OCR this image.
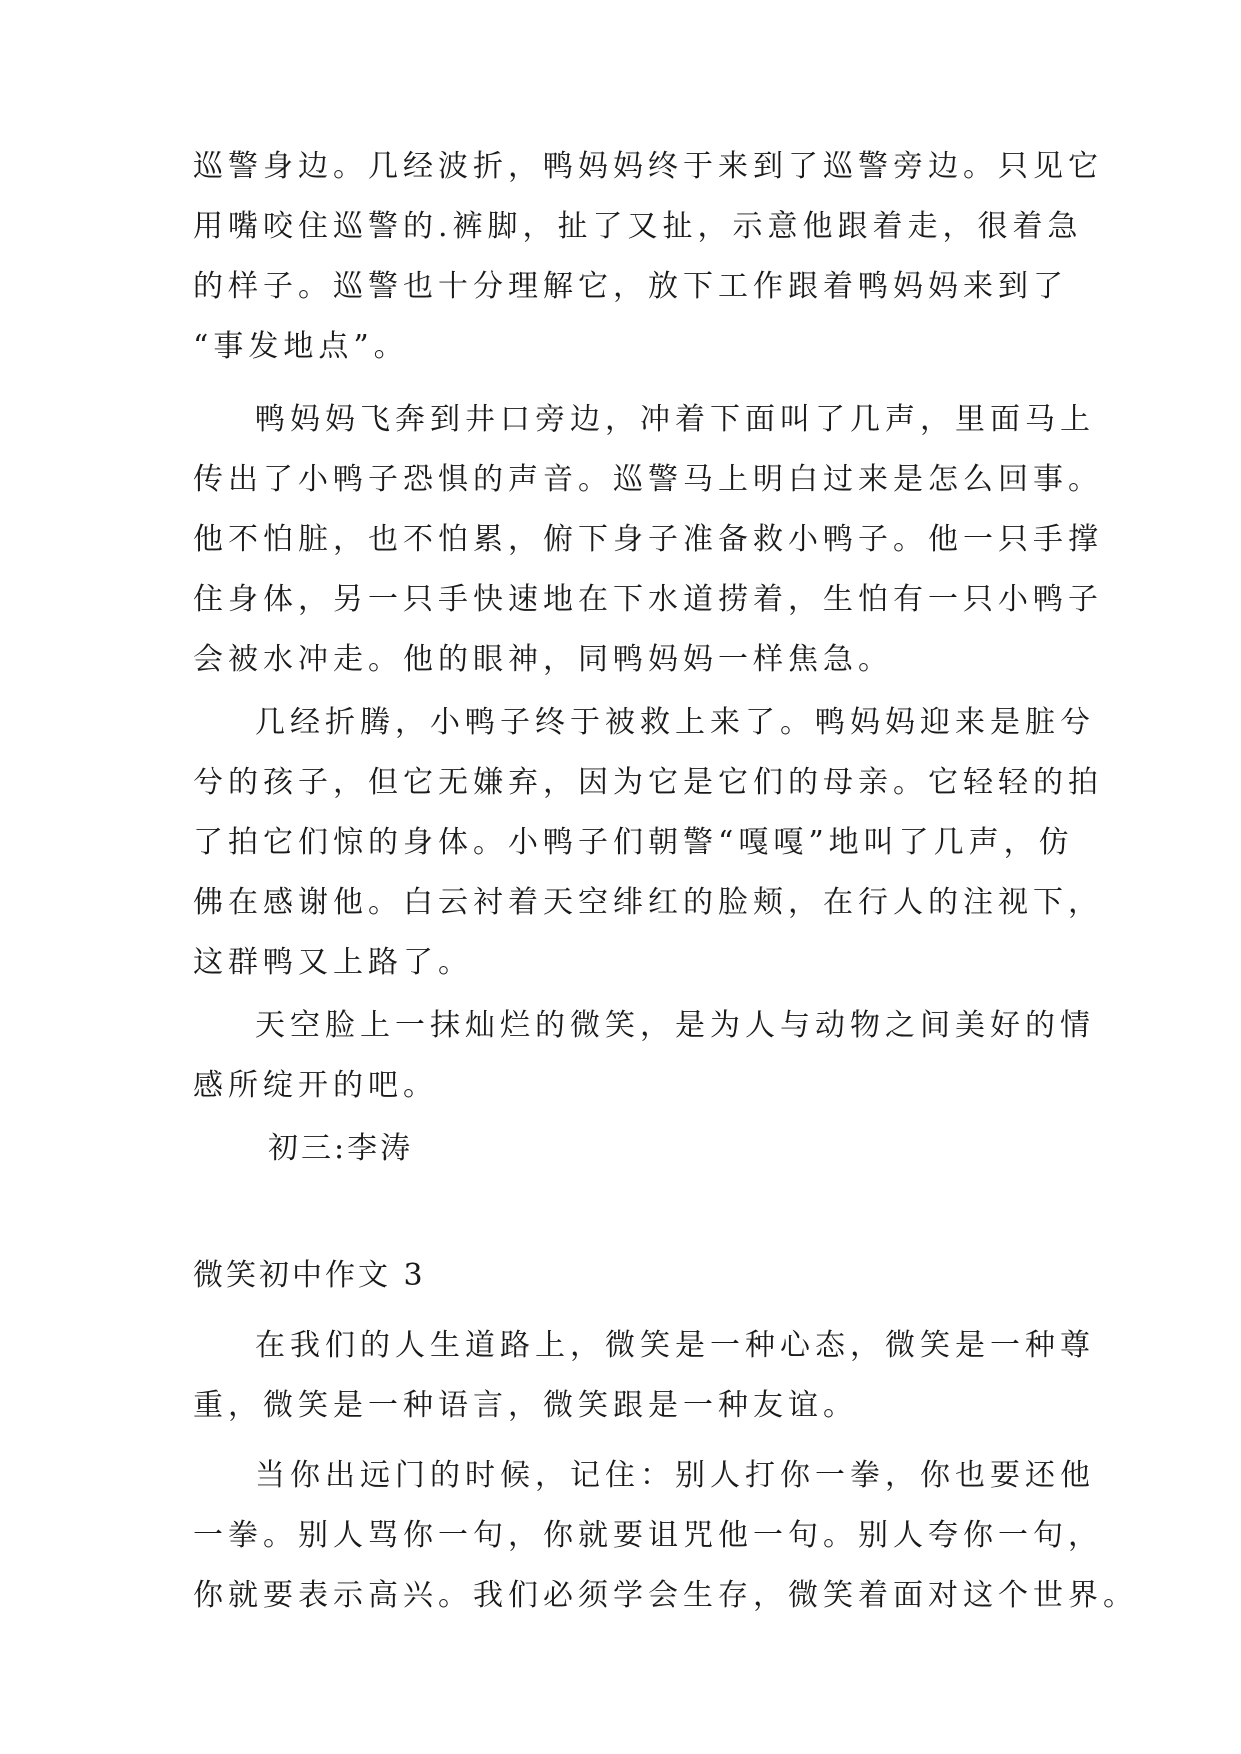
巡警身边。几经波折，鸭妈妈终于来到了巡警旁边。只见它
用嘴咬住巡警的.裤脚，扯了又扯，示意他跟着走，很着急
的样子。巡警也十分理解它，放下工作跟着鸭妈妈来到了
“事发地点”。
鸭妈妈飞奔到井口旁边，冲着下面叫了几声，里面马上
传出了小鸭子恐惧的声音。巡警马上明白过来是怎么回事。
他不怕脏，也不怕累，俯下身子准备救小鸭子。他一只手撑
住身体，另一只手快速地在下水道捞着，生怕有一只小鸭子
会被水冲走。他的眼神，同鸭妈妈一样焦急。
几经折腾，小鸭子终于被救上来了。鸭妈妈迎来是脏兮
兮的孩子，但它无嫌弃，因为它是它们的母亲。它轻轻的拍
了拍它们惊的身体。小鸭子们朝警“嘎嘎”地叫了几声，仿
佛在感谢他。白云衬着天空绯红的脸颊，在行人的注视下，
这群鸭又上路了。
天空脸上一抹灿烂的微笑，是为人与动物之间美好的情
感所绽开的吧。
初三:李涛
微笑初中作文 3
在我们的人生道路上，微笑是一种心态，微笑是一种尊
重，微笑是一种语言，微笑跟是一种友谊。
当你出远门的时候，记住：别人打你一拳，你也要还他
一拳。别人骂你一句，你就要诅咒他一句。别人夸你一句，
你就要表示高兴。我们必须学会生存，微笑着面对这个世界。
